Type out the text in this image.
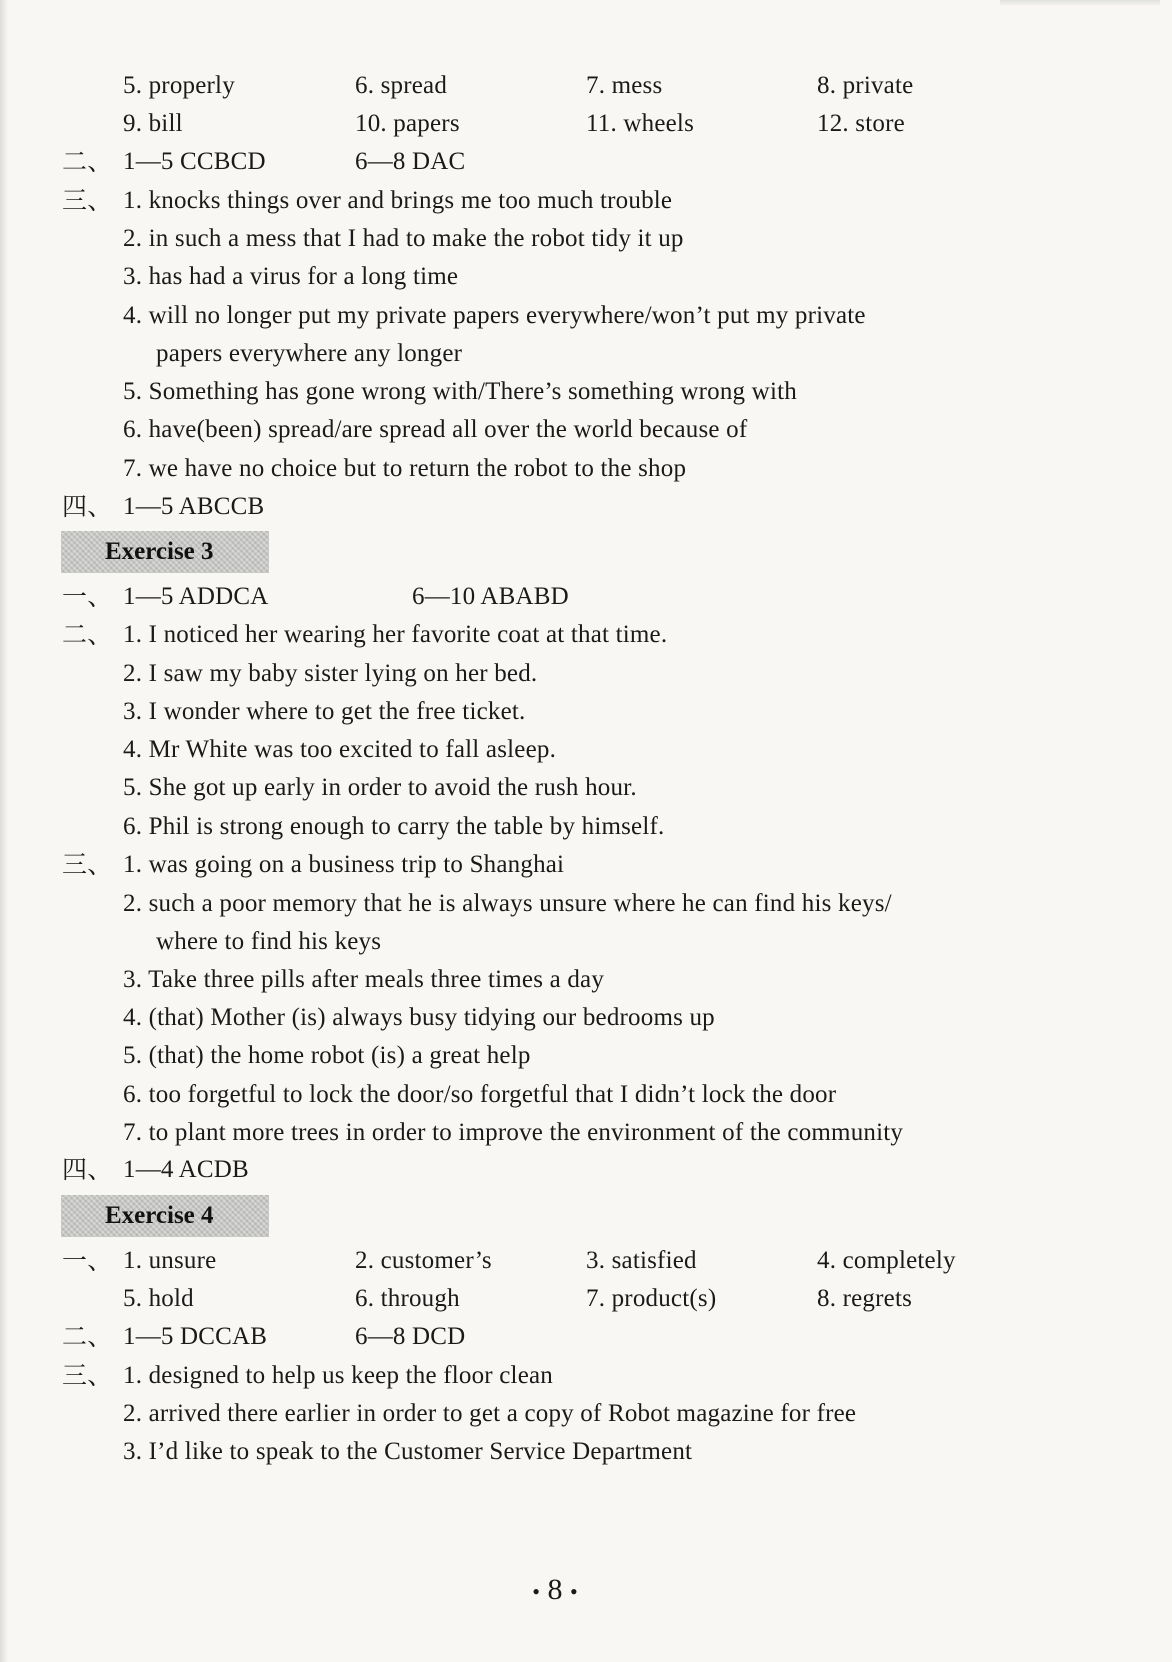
5. properly	6. spread	7. mess	8. private
9. bill	10. papers	11. wheels	12. store
二、 1—5 CCBCD	6—8 DAC
三、 1. knocks things over and brings me too much trouble
2. in such a mess that I had to make the robot tidy it up
3. has had a virus for a long time
4. will no longer put my private papers everywhere/won’t put my private
papers everywhere any longer
5. Something has gone wrong with/There’s something wrong with
6. have(been) spread/are spread all over the world because of
7. we have no choice but to return the robot to the shop
四、 1—5 ABCCB
Exercise 3
一、 1—5 ADDCA	6—10 ABABD
二、 1. I noticed her wearing her favorite coat at that time.
2. I saw my baby sister lying on her bed.
3. I wonder where to get the free ticket.
4. Mr White was too excited to fall asleep.
5. She got up early in order to avoid the rush hour.
6. Phil is strong enough to carry the table by himself.
三、 1. was going on a business trip to Shanghai
2. such a poor memory that he is always unsure where he can find his keys/
where to find his keys
3. Take three pills after meals three times a day
4. (that) Mother (is) always busy tidying our bedrooms up
5. (that) the home robot (is) a great help
6. too forgetful to lock the door/so forgetful that I didn’t lock the door
7. to plant more trees in order to improve the environment of the community
四、 1—4 ACDB
Exercise 4
一、 1. unsure	2. customer’s	3. satisfied	4. completely
5. hold	6. through	7. product(s)	8. regrets
二、 1—5 DCCAB	6—8 DCD
三、 1. designed to help us keep the floor clean
2. arrived there earlier in order to get a copy of Robot magazine for free
3. I’d like to speak to the Customer Service Department
• 8 •
